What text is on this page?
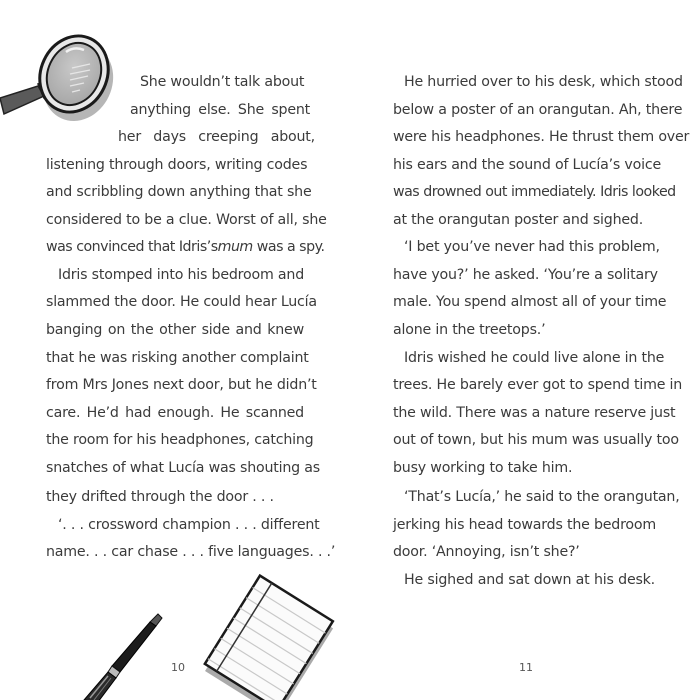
She wouldn’t talk about
anything else. She spent
her days creeping about,
listening through doors, writing codes
and scribbling down anything that she
considered to be a clue. Worst of all, she
was convinced that Idris’smum was a spy.
Idris stomped into his bedroom and
slammed the door. He could hear Lucía
banging on the other side and knew
that he was risking another complaint
from Mrs Jones next door, but he didn’t
care. He’d had enough. He scanned
the room for his headphones, catching
snatches of what Lucía was shouting as
they drifted through the door . . .
‘. . . crossword champion . . . different
name. . . car chase . . . five languages. . .’
10
He hurried over to his desk, which stood
below a poster of an orangutan. Ah, there
were his headphones. He thrust them over
his ears and the sound of Lucía’s voice
was drowned out immediately. Idris looked
at the orangutan poster and sighed.
‘I bet you’ve never had this problem,
have you?’ he asked. ‘You’re a solitary
male. You spend almost all of your time
alone in the treetops.’
Idris wished he could live alone in the
trees. He barely ever got to spend time in
the wild. There was a nature reserve just
out of town, but his mum was usually too
busy working to take him.
‘That’s Lucía,’ he said to the orangutan,
jerking his head towards the bedroom
door. ‘Annoying, isn’t she?’
He sighed and sat down at his desk.
11
